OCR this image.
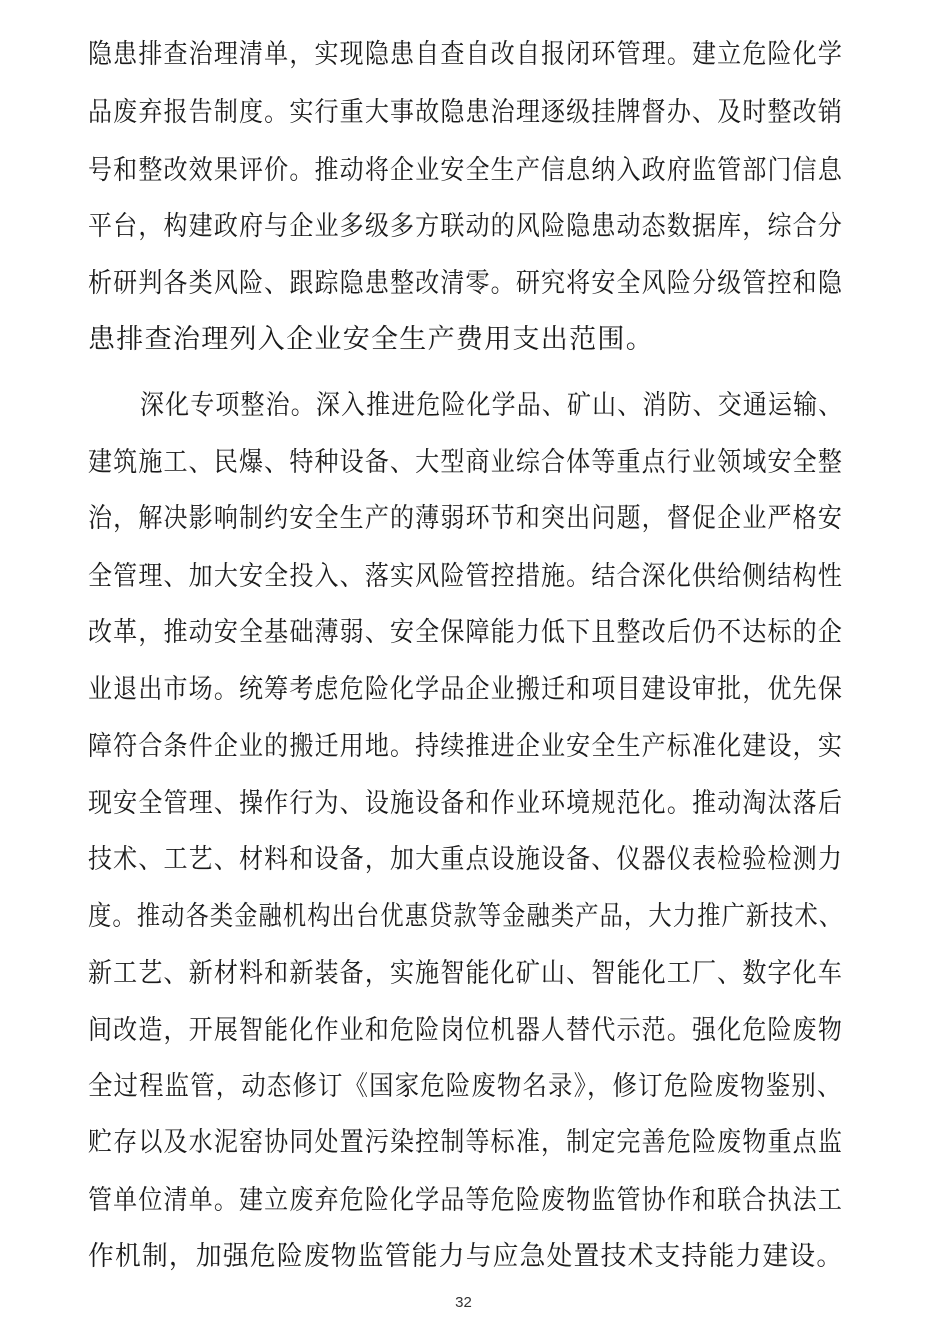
隐患排查治理清单，实现隐患自查自改自报闭环管理。建立危险化学
品废弃报告制度。实行重大事故隐患治理逐级挂牌督办、及时整改销
号和整改效果评价。推动将企业安全生产信息纳入政府监管部门信息
平台，构建政府与企业多级多方联动的风险隐患动态数据库，综合分
析研判各类风险、跟踪隐患整改清零。研究将安全风险分级管控和隐
患排查治理列入企业安全生产费用支出范围。
深化专项整治。深入推进危险化学品、矿山、消防、交通运输、
建筑施工、民爆、特种设备、大型商业综合体等重点行业领域安全整
治，解决影响制约安全生产的薄弱环节和突出问题，督促企业严格安
全管理、加大安全投入、落实风险管控措施。结合深化供给侧结构性
改革，推动安全基础薄弱、安全保障能力低下且整改后仍不达标的企
业退出市场。统筹考虑危险化学品企业搬迁和项目建设审批，优先保
障符合条件企业的搬迁用地。持续推进企业安全生产标准化建设，实
现安全管理、操作行为、设施设备和作业环境规范化。推动淘汰落后
技术、工艺、材料和设备，加大重点设施设备、仪器仪表检验检测力
度。推动各类金融机构出台优惠贷款等金融类产品，大力推广新技术、
新工艺、新材料和新装备，实施智能化矿山、智能化工厂、数字化车
间改造，开展智能化作业和危险岗位机器人替代示范。强化危险废物
全过程监管，动态修订《国家危险废物名录》，修订危险废物鉴别、
贮存以及水泥窑协同处置污染控制等标准，制定完善危险废物重点监
管单位清单。建立废弃危险化学品等危险废物监管协作和联合执法工
作机制，加强危险废物监管能力与应急处置技术支持能力建设。
32
